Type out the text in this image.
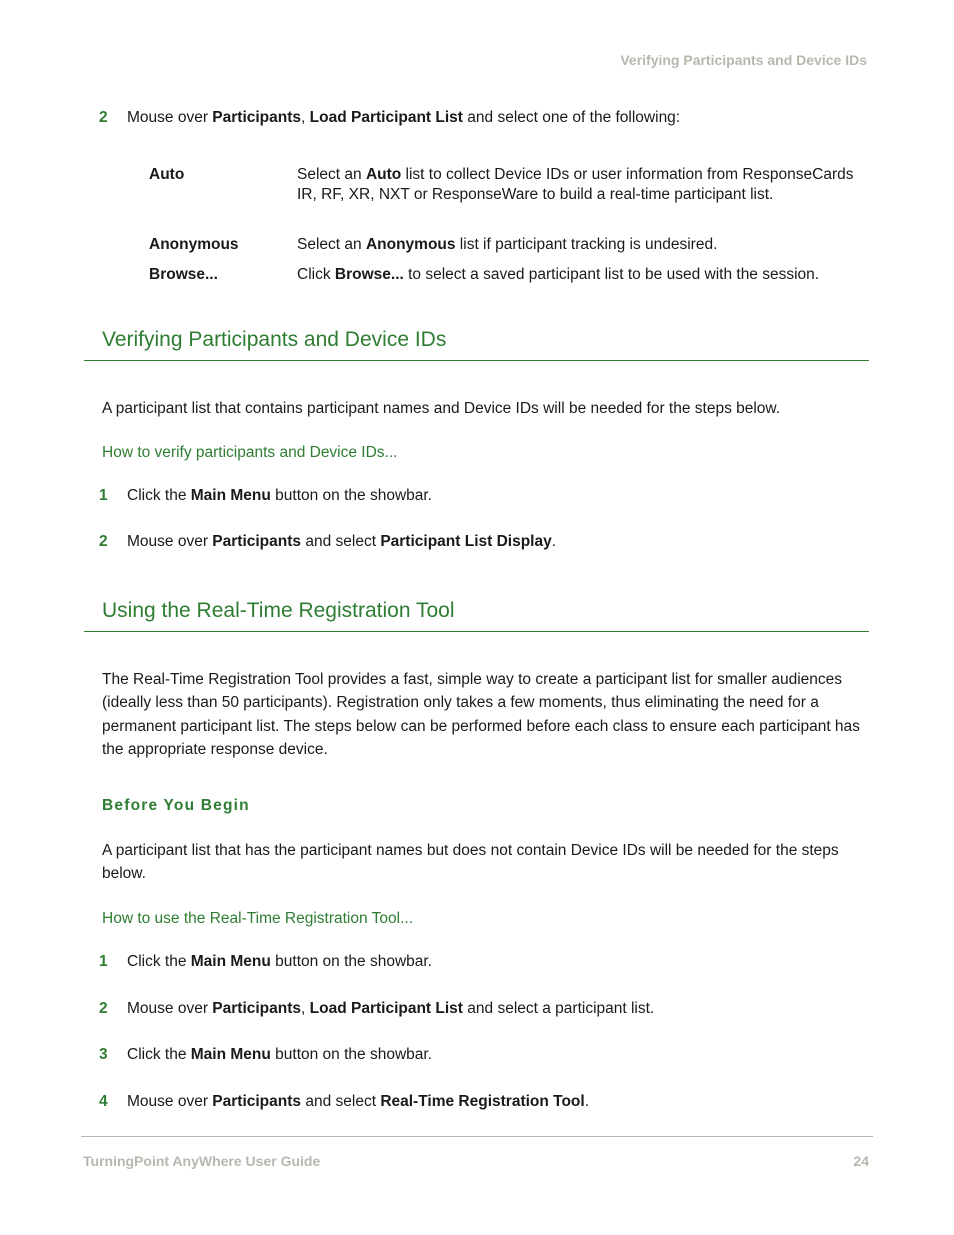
Verifying Participants and Device IDs
2 Mouse over Participants, Load Participant List and select one of the following:
Auto	Select an Auto list to collect Device IDs or user information from ResponseCards IR, RF, XR, NXT or ResponseWare to build a real-time participant list.
Anonymous	Select an Anonymous list if participant tracking is undesired.
Browse...	Click Browse... to select a saved participant list to be used with the session.
Verifying Participants and Device IDs
A participant list that contains participant names and Device IDs will be needed for the steps below.
How to verify participants and Device IDs...
1 Click the Main Menu button on the showbar.
2 Mouse over Participants and select Participant List Display.
Using the Real-Time Registration Tool
The Real-Time Registration Tool provides a fast, simple way to create a participant list for smaller audiences (ideally less than 50 participants). Registration only takes a few moments, thus eliminating the need for a permanent participant list. The steps below can be performed before each class to ensure each participant has the appropriate response device.
Before You Begin
A participant list that has the participant names but does not contain Device IDs will be needed for the steps below.
How to use the Real-Time Registration Tool...
1 Click the Main Menu button on the showbar.
2 Mouse over Participants, Load Participant List and select a participant list.
3 Click the Main Menu button on the showbar.
4 Mouse over Participants and select Real-Time Registration Tool.
TurningPoint AnyWhere User Guide	24
